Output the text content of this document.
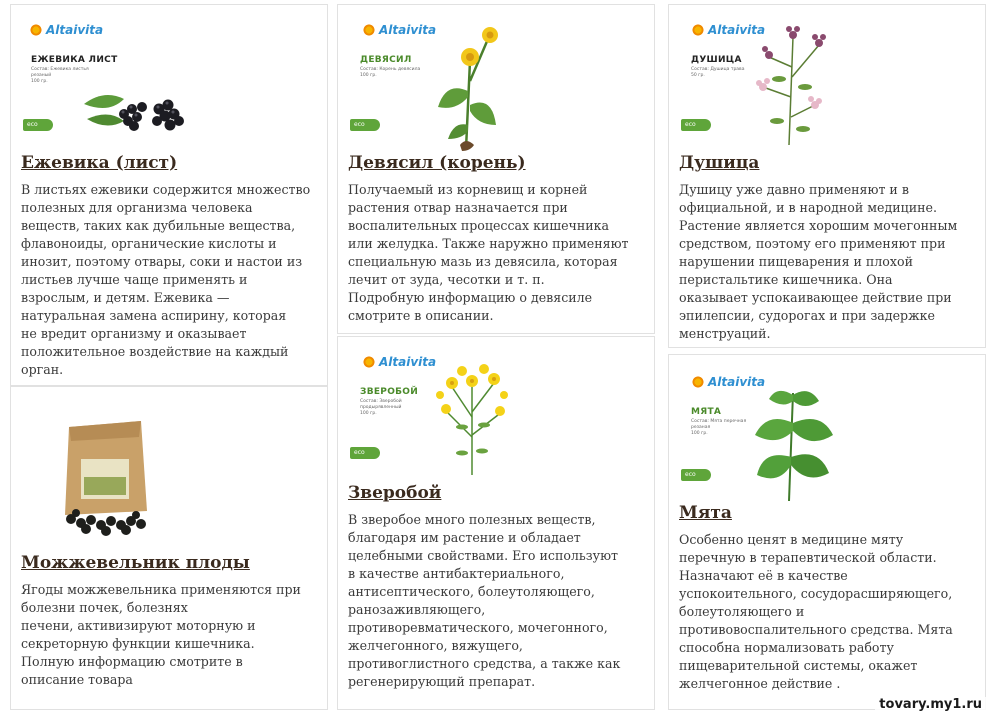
Altaivita
ЕЖЕВИКА ЛИСТ
Состав: Ежевика листья резаный
100 гр.
eco
Ежевика (лист)

В листьях ежевики содержится множество
полезных для организма человека
веществ, таких как дубильные вещества,
флавоноиды, органические кислоты и
инозит, поэтому отвары, соки и настои из
листьев лучше чаще применять и
взрослым, и детям. Ежевика —
натуральная замена аспирину, которая
не вредит организму и оказывает
положительное воздействие на каждый
орган.

Можжевельник плоды

Ягоды можжевельника применяются при
болезни почек, болезнях
печени, активизируют моторную и
секреторную функции кишечника.
Полную информацию смотрите в
описание товара

Altaivita
ДЕВЯСИЛ
Состав: Корень девясила
100 гр.
eco
Девясил (корень)

Получаемый из корневищ и корней
растения отвар назначается при
воспалительных процессах кишечника
или желудка. Также наружно применяют
специальную мазь из девясила, которая
лечит от зуда, чесотки и т. п.
Подробную информацию о девясиле
смотрите в описании.

Altaivita
ЗВЕРОБОЙ
Состав: Зверобой продырявленный
100 гр.
eco
Зверобой

В зверобое много полезных веществ,
благодаря им растение и обладает
целебными свойствами. Его используют
в качестве антибактериального,
антисептического, болеутоляющего,
ранозаживляющего,
противоревматического, мочегонного,
желчегонного, вяжущего,
противоглистного средства, а также как
регенерирующий препарат.

Altaivita
ДУШИЦА
Состав: Душица трава
50 гр.
eco
Душица

Душицу уже давно применяют и в
официальной, и в народной медицине.
Растение является хорошим мочегонным
средством, поэтому его применяют при
нарушении пищеварения и плохой
перистальтике кишечника. Она
оказывает успокаивающее действие при
эпилепсии, судорогах и при задержке
менструаций.

Altaivita
МЯТА
Состав: Мята перечная резаная
100 гр.
eco
Мята

Особенно ценят в медицине мяту
перечную в терапевтической области.
Назначают её в качестве
успокоительного, сосудорасширяющего,
болеутоляющего и
противовоспалительного средства. Мята
способна нормализовать работу
пищеварительной системы, окажет
желчегонное действие .

tovary.my1.ru
